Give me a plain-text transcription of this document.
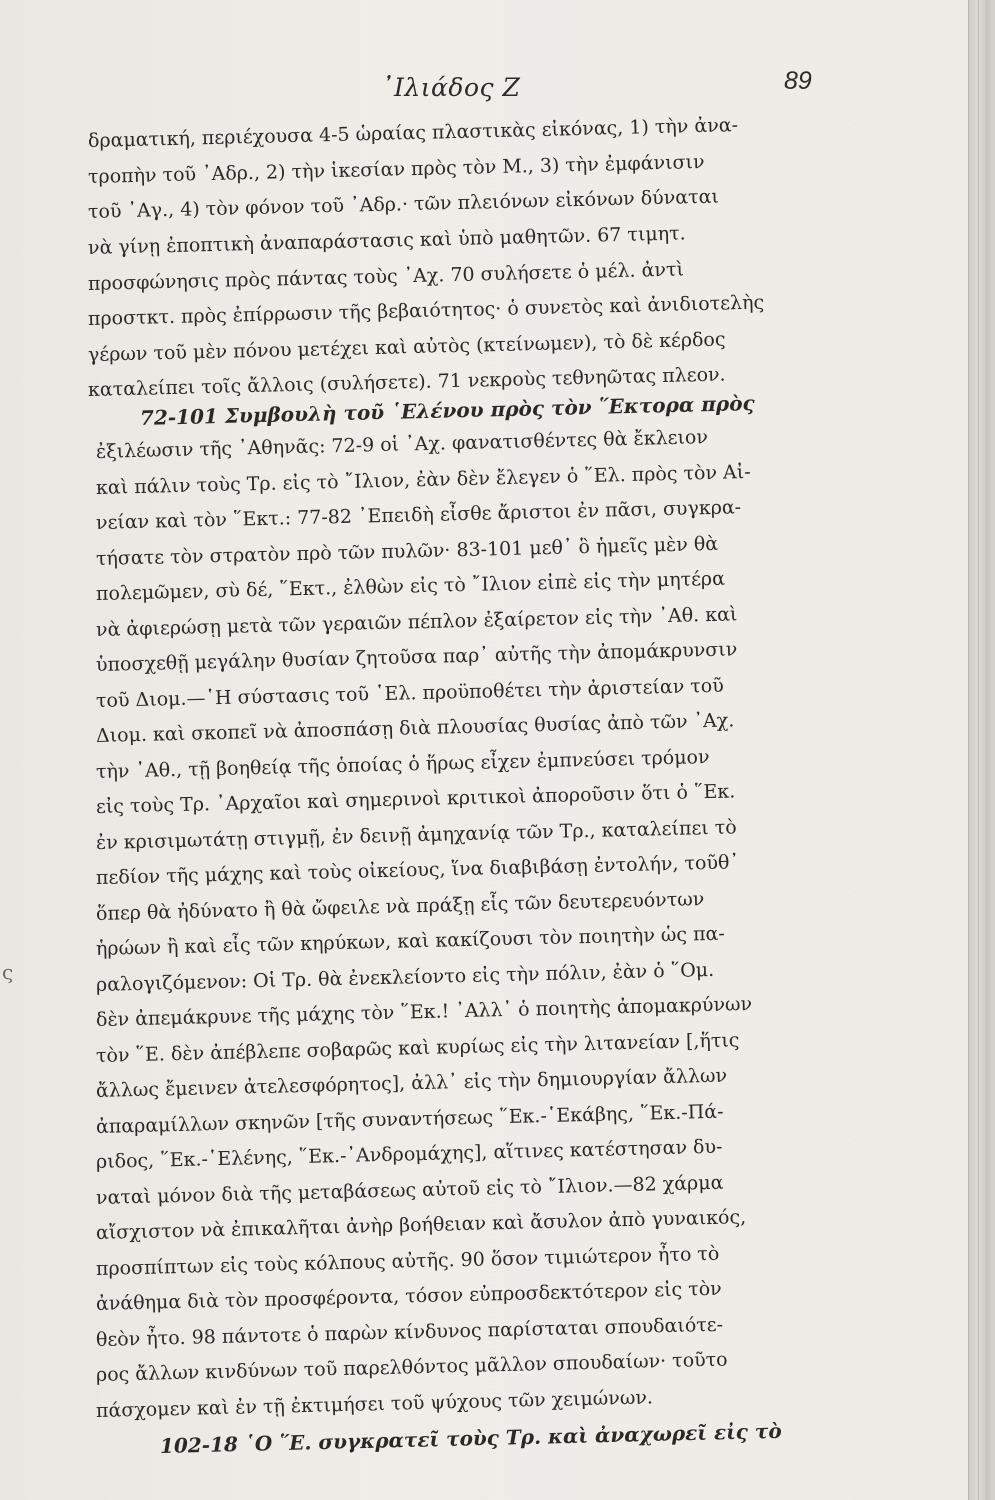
᾿Ιλιάδος Ζ	89
ς
δραματική, περιέχουσα 4-5 ὡραίας πλαστικὰς εἰκόνας, 1) τὴν ἀνα-
τροπὴν τοῦ ᾿Αδρ., 2) τὴν ἱκεσίαν πρὸς τὸν Μ., 3) τὴν ἐμφάνισιν
τοῦ ᾿Αγ., 4) τὸν φόνον τοῦ ᾿Αδρ.· τῶν πλειόνων εἰκόνων δύναται
νὰ γίνῃ ἐποπτικὴ ἀναπαράστασις καὶ ὑπὸ μαθητῶν. 67 τιμητ.
προσφώνησις πρὸς πάντας τοὺς ᾿Αχ. 70 συλήσετε ὁ μέλ. ἀντὶ
προστκτ. πρὸς ἐπίρρωσιν τῆς βεβαιότητος· ὁ συνετὸς καὶ ἀνιδιοτελὴς
γέρων τοῦ μὲν πόνου μετέχει καὶ αὐτὸς (κτείνωμεν), τὸ δὲ κέρδος
καταλείπει τοῖς ἄλλοις (συλήσετε). 71 νεκροὺς τεθνηῶτας πλεον.
72-101 Συμβουλὴ τοῦ ῾Ελένου πρὸς τὸν ῞Εκτορα πρὸς
ἐξιλέωσιν τῆς ᾿Αθηνᾶς: 72-9 οἱ ᾿Αχ. φανατισθέντες θὰ ἔκλειον
καὶ πάλιν τοὺς Τρ. εἰς τὸ ῎Ιλιον, ἐὰν δὲν ἔλεγεν ὁ ῞Ελ. πρὸς τὸν Αἰ-
νείαν καὶ τὸν ῞Εκτ.: 77-82 ᾿Επειδὴ εἶσθε ἄριστοι ἐν πᾶσι, συγκρα-
τήσατε τὸν στρατὸν πρὸ τῶν πυλῶν· 83-101 μεθ᾿ ὃ ἡμεῖς μὲν θὰ
πολεμῶμεν, σὺ δέ, ῞Εκτ., ἐλθὼν εἰς τὸ ῎Ιλιον εἰπὲ εἰς τὴν μητέρα
νὰ ἀφιερώσῃ μετὰ τῶν γεραιῶν πέπλον ἐξαίρετον εἰς τὴν ᾿Αθ. καὶ
ὑποσχεθῇ μεγάλην θυσίαν ζητοῦσα παρ᾿ αὐτῆς τὴν ἀπομάκρυνσιν
τοῦ Διομ.—῾Η σύστασις τοῦ ῾Ελ. προϋποθέτει τὴν ἀριστείαν τοῦ
Διομ. καὶ σκοπεῖ νὰ ἀποσπάσῃ διὰ πλουσίας θυσίας ἀπὸ τῶν ᾿Αχ.
τὴν ᾿Αθ., τῇ βοηθείᾳ τῆς ὁποίας ὁ ἥρως εἶχεν ἐμπνεύσει τρόμον
εἰς τοὺς Τρ. ᾿Αρχαῖοι καὶ σημερινοὶ κριτικοὶ ἀποροῦσιν ὅτι ὁ ῞Εκ.
ἐν κρισιμωτάτῃ στιγμῇ, ἐν δεινῇ ἀμηχανίᾳ τῶν Τρ., καταλείπει τὸ
πεδίον τῆς μάχης καὶ τοὺς οἰκείους, ἵνα διαβιβάσῃ ἐντολήν, τοῦθ᾿
ὅπερ θὰ ἠδύνατο ἢ θὰ ὤφειλε νὰ πράξῃ εἷς τῶν δευτερευόντων
ἡρώων ἢ καὶ εἷς τῶν κηρύκων, καὶ κακίζουσι τὸν ποιητὴν ὡς πα-
ραλογιζόμενον: Οἱ Τρ. θὰ ἐνεκλείοντο εἰς τὴν πόλιν, ἐὰν ὁ ῞Ομ.
δὲν ἀπεμάκρυνε τῆς μάχης τὸν ῞Εκ.! ᾿Αλλ᾿ ὁ ποιητὴς ἀπομακρύνων
τὸν ῞Ε. δὲν ἀπέβλεπε σοβαρῶς καὶ κυρίως εἰς τὴν λιτανείαν [,ἥτις
ἄλλως ἔμεινεν ἀτελεσφόρητος], ἀλλ᾿ εἰς τὴν δημιουργίαν ἄλλων
ἀπαραμίλλων σκηνῶν [τῆς συναντήσεως ῞Εκ.-῾Εκάβης, ῞Εκ.-Πά-
ριδος, ῞Εκ.-῾Ελένης, ῞Εκ.-᾿Ανδρομάχης], αἵτινες κατέστησαν δυ-
ναταὶ μόνον διὰ τῆς μεταβάσεως αὐτοῦ εἰς τὸ ῎Ιλιον.—82 χάρμα
αἴσχιστον νὰ ἐπικαλῆται ἀνὴρ βοήθειαν καὶ ἄσυλον ἀπὸ γυναικός,
προσπίπτων εἰς τοὺς κόλπους αὐτῆς. 90 ὅσον τιμιώτερον ἦτο τὸ
ἀνάθημα διὰ τὸν προσφέροντα, τόσον εὐπροσδεκτότερον εἰς τὸν
θεὸν ἦτο. 98 πάντοτε ὁ παρὼν κίνδυνος παρίσταται σπουδαιότε-
ρος ἄλλων κινδύνων τοῦ παρελθόντος μᾶλλον σπουδαίων· τοῦτο
πάσχομεν καὶ ἐν τῇ ἐκτιμήσει τοῦ ψύχους τῶν χειμώνων.
102-18 ῾Ο ῞Ε. συγκρατεῖ τοὺς Τρ. καὶ ἀναχωρεῖ εἰς τὸ
